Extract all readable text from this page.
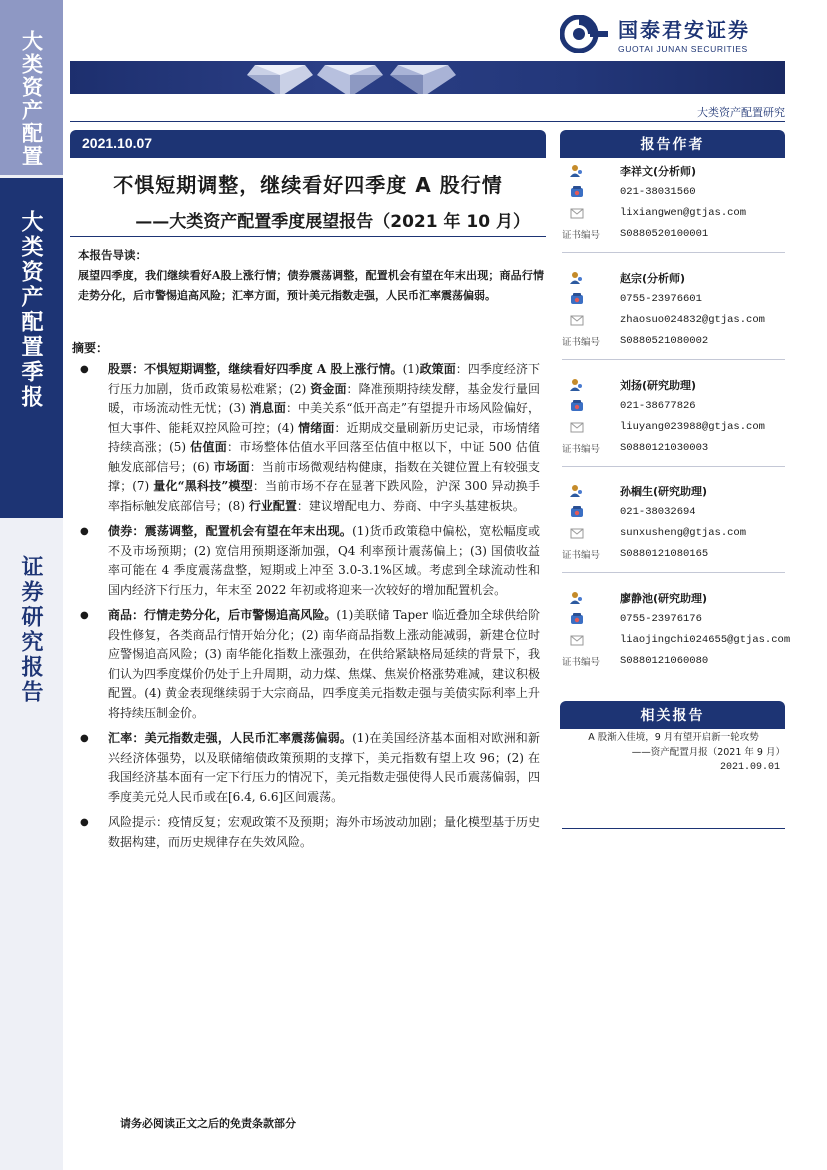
大类资产配置
大类资产配置季报
证券研究报告
国泰君安证券
GUOTAI JUNAN SECURITIES
大类资产配置研究
2021.10.07
不惧短期调整，继续看好四季度 A 股行情
——大类资产配置季度展望报告（2021 年 10 月）
本报告导读：
展望四季度，我们继续看好A股上涨行情；债券震荡调整，配置机会有望在年末出现；商品行情走势分化，后市警惕追高风险；汇率方面，预计美元指数走强，人民币汇率震荡偏弱。
摘要：
● 股票：不惧短期调整，继续看好四季度 A 股上涨行情。(1)政策面：四季度经济下行压力加剧，货币政策易松难紧；(2) 资金面：降准预期持续发酵，基金发行量回暖，市场流动性无忧；(3) 消息面：中美关系“低开高走”有望提升市场风险偏好，恒大事件、能耗双控风险可控；(4) 情绪面：近期成交量刷新历史记录，市场情绪持续高涨；(5) 估值面：市场整体估值水平回落至估值中枢以下，中证 500 估值触发底部信号；(6) 市场面：当前市场微观结构健康，指数在关键位置上有较强支撑；(7) 量化“黑科技”模型：当前市场不存在显著下跌风险，沪深 300 异动换手率指标触发底部信号；(8) 行业配置：建议增配电力、券商、中字头基建板块。
● 债券：震荡调整，配置机会有望在年末出现。(1)货币政策稳中偏松，宽松幅度或不及市场预期；(2) 宽信用预期逐渐加强，Q4 利率预计震荡偏上；(3) 国债收益率可能在 4 季度震荡盘整，短期或上冲至 3.0-3.1%区域。考虑到全球流动性和国内经济下行压力，年末至 2022 年初或将迎来一次较好的增加配置机会。
● 商品：行情走势分化，后市警惕追高风险。(1)美联储 Taper 临近叠加全球供给阶段性修复，各类商品行情开始分化；(2) 南华商品指数上涨动能减弱，新建仓位时应警惕追高风险；(3) 南华能化指数上涨强劲，在供给紧缺格局延续的背景下，我们认为四季度煤价仍处于上升周期，动力煤、焦煤、焦炭价格涨势难减，建议积极配置。(4) 黄金表现继续弱于大宗商品，四季度美元指数走强与美债实际利率上升将持续压制金价。
● 汇率：美元指数走强，人民币汇率震荡偏弱。(1)在美国经济基本面相对欧洲和新兴经济体强势，以及联储缩债政策预期的支撑下，美元指数有望上攻 96；(2) 在我国经济基本面有一定下行压力的情况下，美元指数走强使得人民币震荡偏弱，四季度美元兑人民币或在[6.4, 6.6]区间震荡。
● 风险提示：疫情反复；宏观政策不及预期；海外市场波动加剧；量化模型基于历史数据构建，而历史规律存在失效风险。
请务必阅读正文之后的免责条款部分
报告作者
李祥文(分析师)
021-38031560
lixiangwen@gtjas.com
证书编号 S0880520100001
赵宗(分析师)
0755-23976601
zhaosuo024832@gtjas.com
证书编号 S0880521080002
刘扬(研究助理)
021-38677826
liuyang023988@gtjas.com
证书编号 S0880121030003
孙榈生(研究助理)
021-38032694
sunxusheng@gtjas.com
证书编号 S0880121080165
廖静池(研究助理)
0755-23976176
liaojingchi024655@gtjas.com
证书编号 S0880121060080
相关报告
A 股渐入佳境，9 月有望开启新一轮攻势
——资产配置月报（2021 年 9 月）
2021.09.01
